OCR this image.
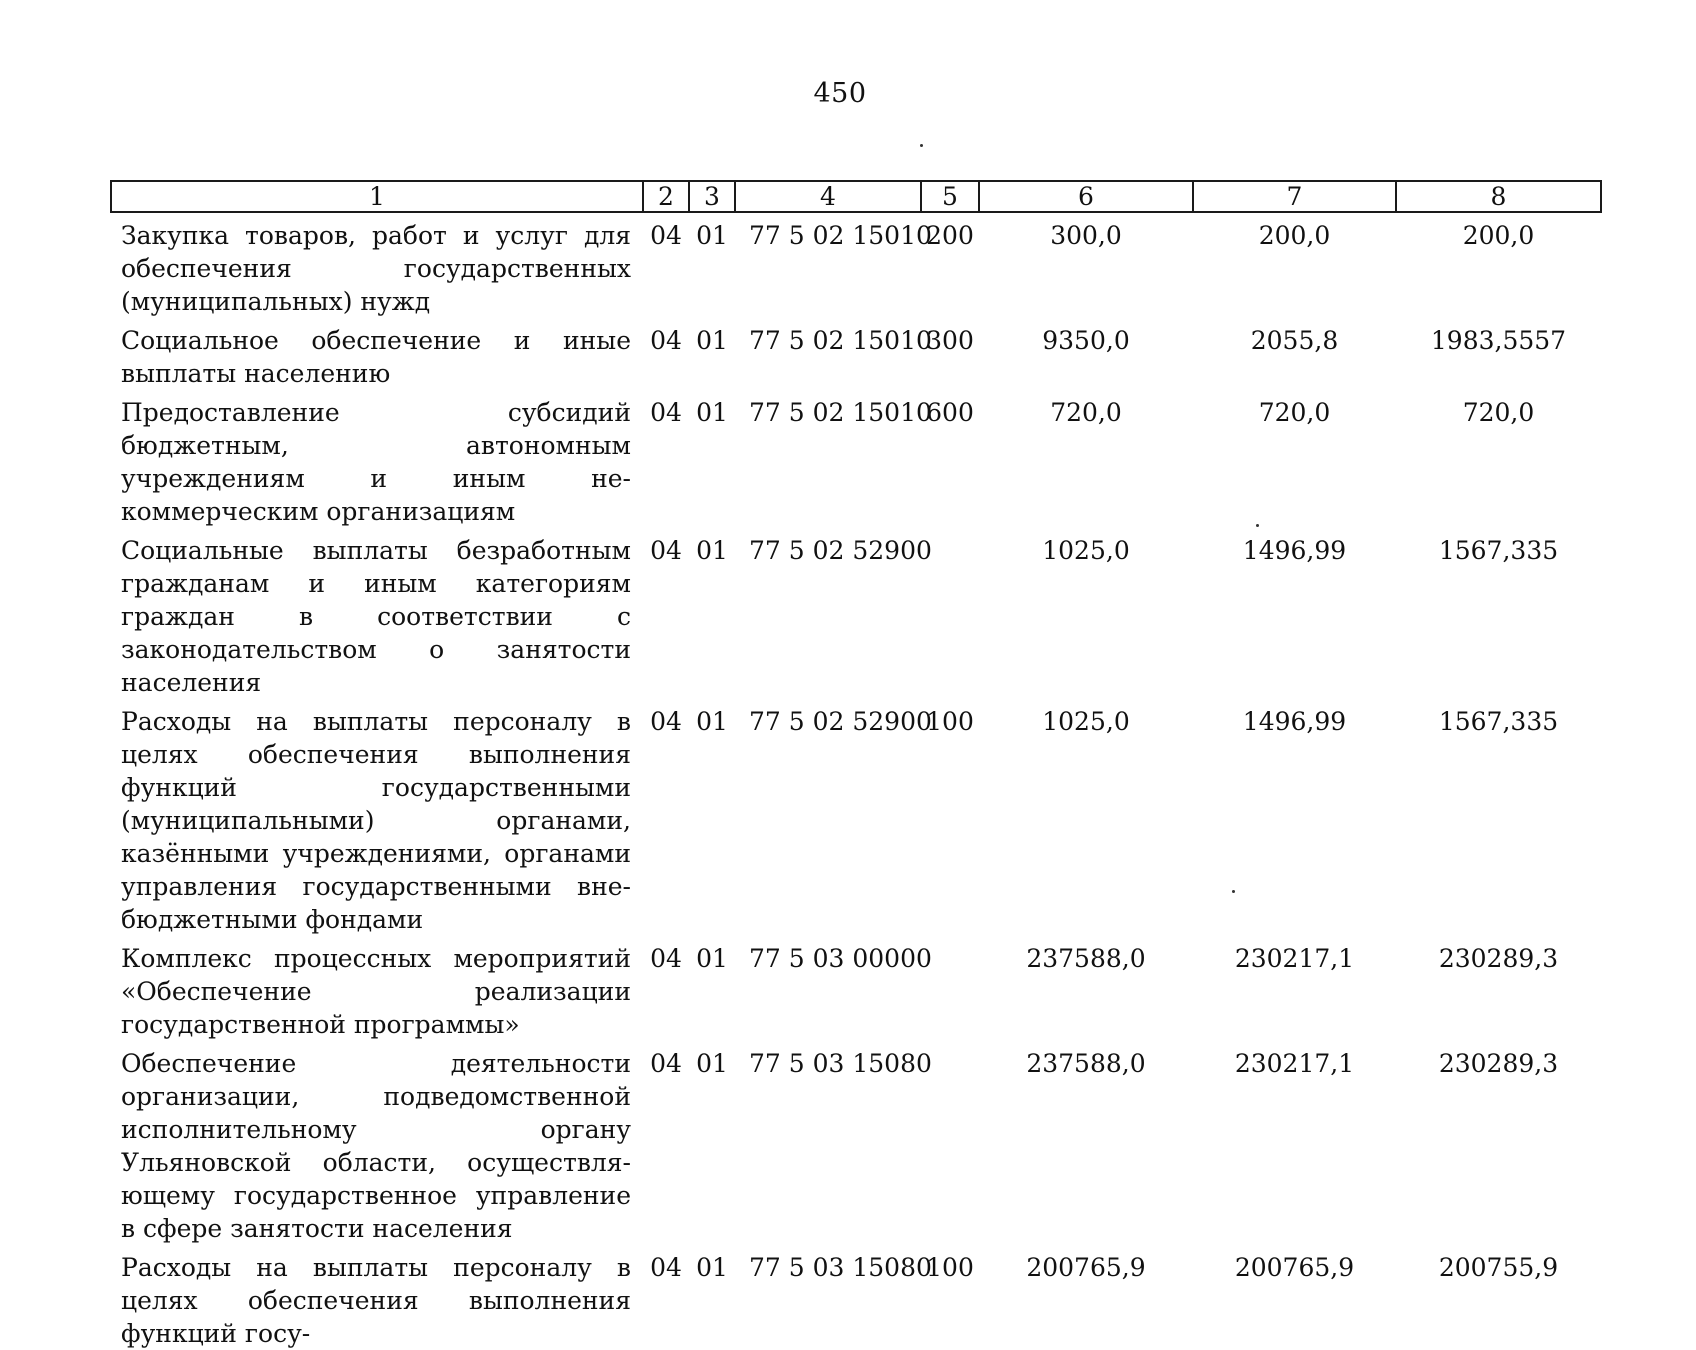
450
1	2	3	4	5	6	7	8
Закупка товаров, работ и услуг для обеспечения государственных (муниципальных) нужд	04	01	77 5 02 15010	200	300,0	200,0	200,0
Социальное обеспечение и иные выплаты населению	04	01	77 5 02 15010	300	9350,0	2055,8	1983,5557
Предоставление субсидий бюджетным, автономным учреждениям и иным некоммерческим организациям	04	01	77 5 02 15010	600	720,0	720,0	720,0
Социальные выплаты безработным гражданам и иным категориям граждан в соответствии с законодательством о занятости населения	04	01	77 5 02 52900		1025,0	1496,99	1567,335
Расходы на выплаты персоналу в целях обеспечения выполнения функций государственными (муниципальными) органами, казёнными учреждениями, органами управления государственными внебюджетными фондами	04	01	77 5 02 52900	100	1025,0	1496,99	1567,335
Комплекс процессных мероприятий «Обеспечение реализации государственной программы»	04	01	77 5 03 00000		237588,0	230217,1	230289,3
Обеспечение деятельности организации, подведомственной исполнительному органу Ульяновской области, осуществляющему государственное управление в сфере занятости населения	04	01	77 5 03 15080		237588,0	230217,1	230289,3
Расходы на выплаты персоналу в целях обеспечения выполнения функций госу-	04	01	77 5 03 15080	100	200765,9	200765,9	200755,9
